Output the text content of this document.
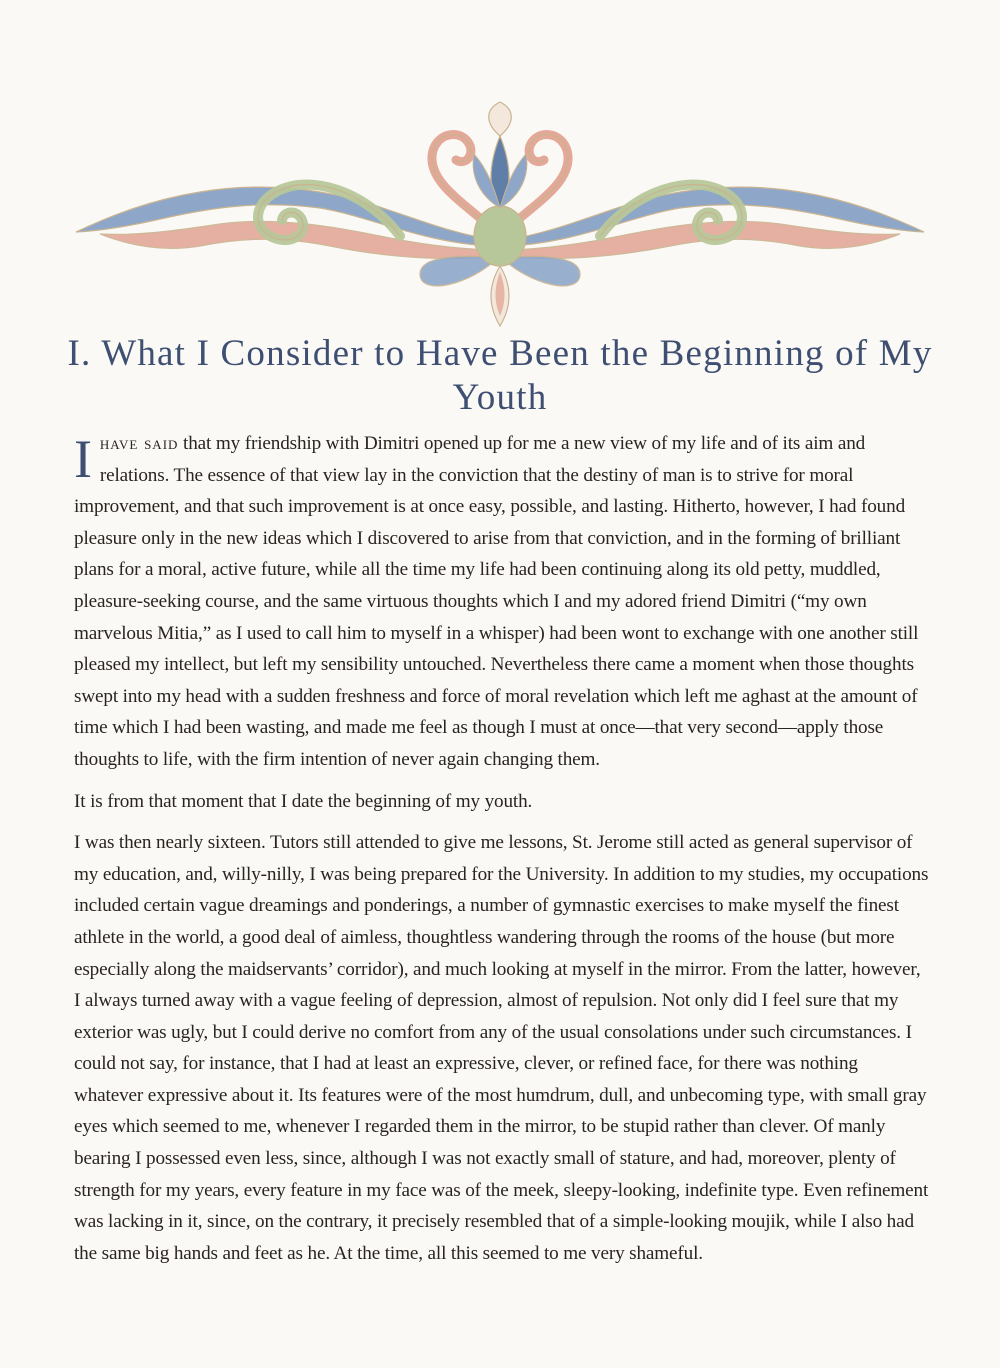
I. What I Consider to Have Been the Beginning of My Youth

Ihave said that my friendship with Dimitri opened up for me a new view of my life and of its aim and relations. The essence of that view lay in the conviction that the destiny of man is to strive for moral improvement, and that such improvement is at once easy, possible, and lasting. Hitherto, however, I had found pleasure only in the new ideas which I discovered to arise from that conviction, and in the forming of brilliant plans for a moral, active future, while all the time my life had been continuing along its old petty, muddled, pleasure-seeking course, and the same virtuous thoughts which I and my adored friend Dimitri (“my own marvelous Mitia,” as I used to call him to myself in a whisper) had been wont to exchange with one another still pleased my intellect, but left my sensibility untouched. Nevertheless there came a moment when those thoughts swept into my head with a sudden freshness and force of moral revelation which left me aghast at the amount of time which I had been wasting, and made me feel as though I must at once—that very second—apply those thoughts to life, with the firm intention of never again changing them.

It is from that moment that I date the beginning of my youth.

I was then nearly sixteen. Tutors still attended to give me lessons, St. Jerome still acted as general supervisor of my education, and, willy-nilly, I was being prepared for the University. In addition to my studies, my occupations included certain vague dreamings and ponderings, a number of gymnastic exercises to make myself the finest athlete in the world, a good deal of aimless, thoughtless wandering through the rooms of the house (but more especially along the maidservants’ corridor), and much looking at myself in the mirror. From the latter, however, I always turned away with a vague feeling of depression, almost of repulsion. Not only did I feel sure that my exterior was ugly, but I could derive no comfort from any of the usual consolations under such circumstances. I could not say, for instance, that I had at least an expressive, clever, or refined face, for there was nothing whatever expressive about it. Its features were of the most humdrum, dull, and unbecoming type, with small gray eyes which seemed to me, whenever I regarded them in the mirror, to be stupid rather than clever. Of manly bearing I possessed even less, since, although I was not exactly small of stature, and had, moreover, plenty of strength for my years, every feature in my face was of the meek, sleepy-looking, indefinite type. Even refinement was lacking in it, since, on the contrary, it precisely resembled that of a simple-looking moujik, while I also had the same big hands and feet as he. At the time, all this seemed to me very shameful.
